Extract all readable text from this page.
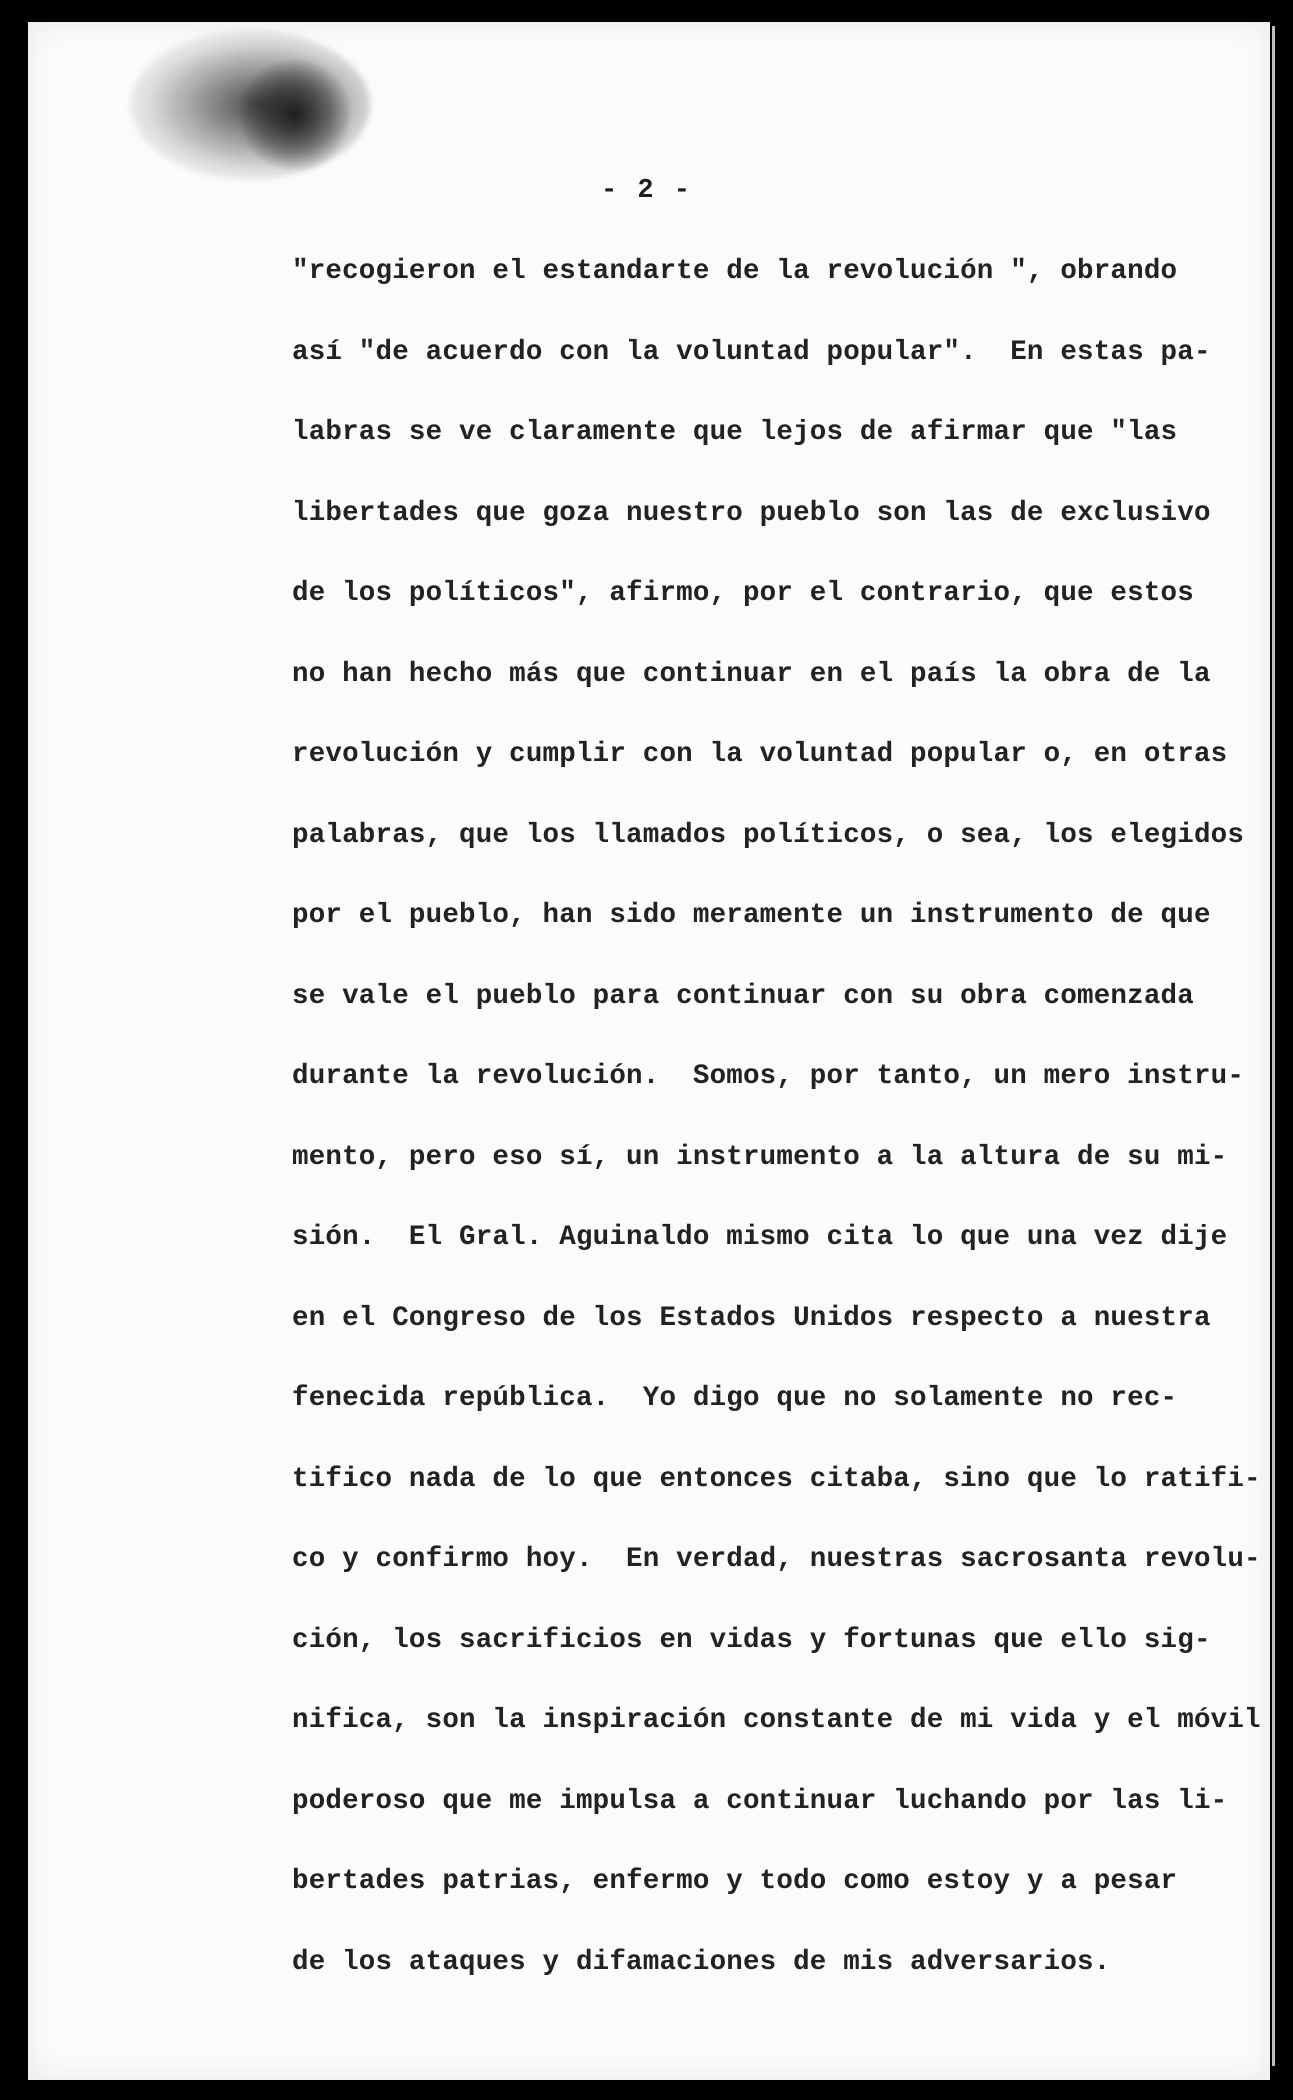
- 2 -
"recogieron el estandarte de la revolución ", obrando
así "de acuerdo con la voluntad popular".  En estas pa-
labras se ve claramente que lejos de afirmar que "las
libertades que goza nuestro pueblo son las de exclusivo
de los políticos", afirmo, por el contrario, que estos
no han hecho más que continuar en el país la obra de la
revolución y cumplir con la voluntad popular o, en otras
palabras, que los llamados políticos, o sea, los elegidos
por el pueblo, han sido meramente un instrumento de que
se vale el pueblo para continuar con su obra comenzada
durante la revolución.  Somos, por tanto, un mero instru-
mento, pero eso sí, un instrumento a la altura de su mi-
sión.  El Gral. Aguinaldo mismo cita lo que una vez dije
en el Congreso de los Estados Unidos respecto a nuestra
fenecida república.  Yo digo que no solamente no rec-
tifico nada de lo que entonces citaba, sino que lo ratifi-
co y confirmo hoy.  En verdad, nuestras sacrosanta revolu-
ción, los sacrificios en vidas y fortunas que ello sig-
nifica, son la inspiración constante de mi vida y el móvil
poderoso que me impulsa a continuar luchando por las li-
bertades patrias, enfermo y todo como estoy y a pesar
de los ataques y difamaciones de mis adversarios.
